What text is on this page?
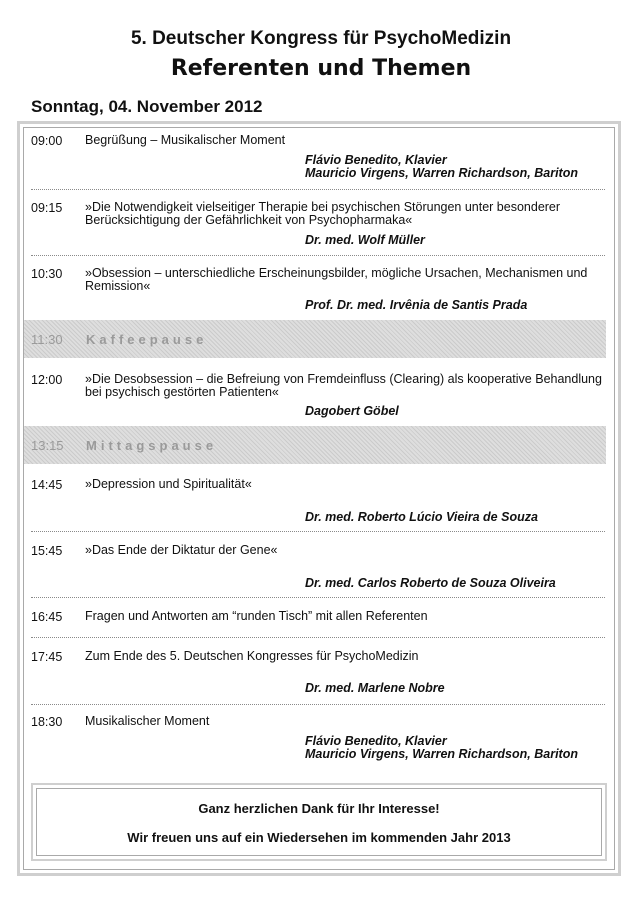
5. Deutscher Kongress für PsychoMedizin
Referenten und Themen
Sonntag, 04. November 2012
09:00 Begrüßung – Musikalischer Moment
Flávio Benedito, Klavier
Mauricio Virgens, Warren Richardson, Bariton
09:15 »Die Notwendigkeit vielseitiger Therapie bei psychischen Störungen unter besonderer Berücksichtigung der Gefährlichkeit von Psychopharmaka«
Dr. med. Wolf Müller
10:30 »Obsession – unterschiedliche Erscheinungsbilder, mögliche Ursachen, Mechanismen und Remission«
Prof. Dr. med. Irvênia de Santis Prada
11:30 Kaffeepause
12:00 »Die Desobsession – die Befreiung von Fremdeinfluss (Clearing) als kooperative Behandlung bei psychisch gestörten Patienten«
Dagobert Göbel
13:15 Mittagspause
14:45 »Depression und Spiritualität«
Dr. med. Roberto Lúcio Vieira de Souza
15:45 »Das Ende der Diktatur der Gene«
Dr. med. Carlos Roberto de Souza Oliveira
16:45 Fragen und Antworten am “runden Tisch” mit allen Referenten
17:45 Zum Ende des 5. Deutschen Kongresses für PsychoMedizin
Dr. med. Marlene Nobre
18:30 Musikalischer Moment
Flávio Benedito, Klavier
Mauricio Virgens, Warren Richardson, Bariton
Ganz herzlichen Dank für Ihr Interesse!
Wir freuen uns auf ein Wiedersehen im kommenden Jahr 2013
